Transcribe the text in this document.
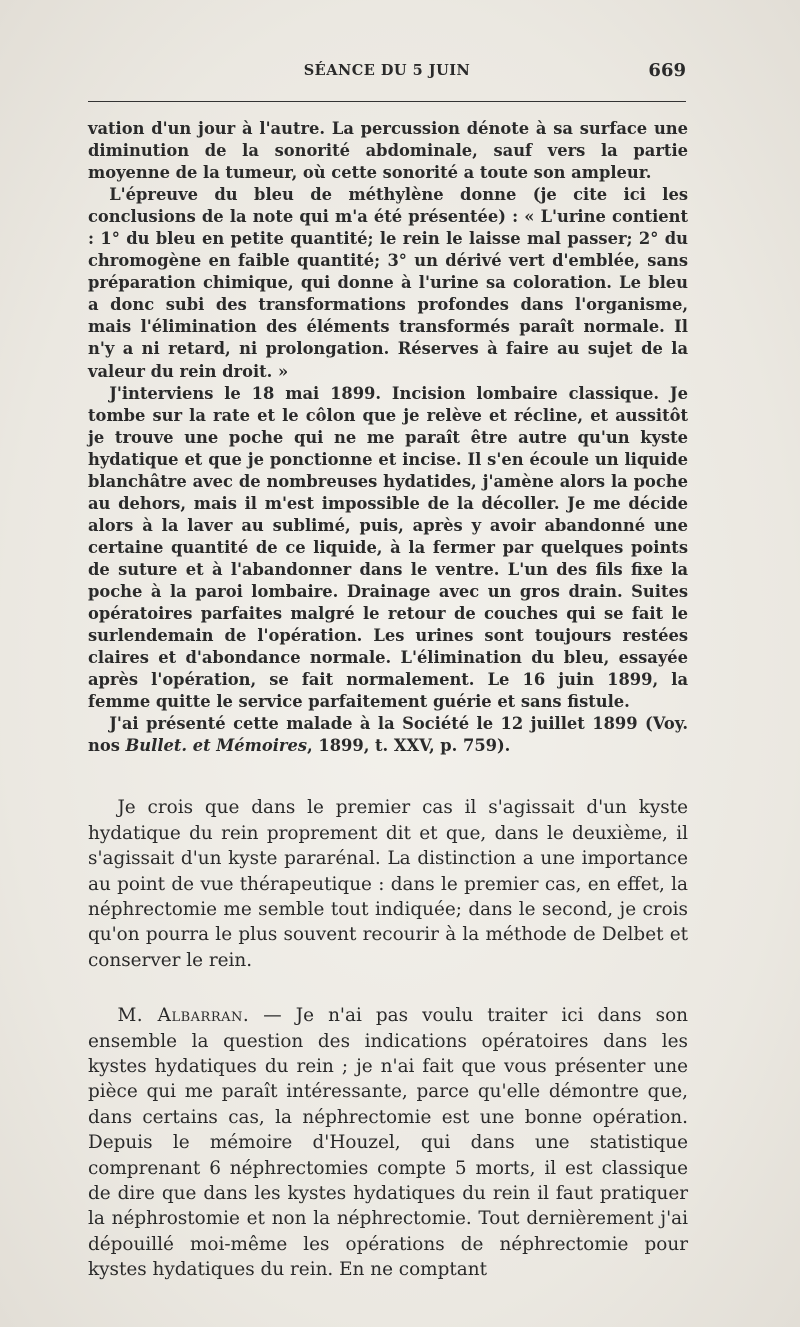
SÉANCE DU 5 JUIN	669

vation d'un jour à l'autre. La percussion dénote à sa surface une diminution de la sonorité abdominale, sauf vers la partie moyenne de la tumeur, où cette sonorité a toute son ampleur.

L'épreuve du bleu de méthylène donne (je cite ici les conclusions de la note qui m'a été présentée) : « L'urine contient : 1° du bleu en petite quantité; le rein le laisse mal passer; 2° du chromogène en faible quantité; 3° un dérivé vert d'emblée, sans préparation chimique, qui donne à l'urine sa coloration. Le bleu a donc subi des transformations profondes dans l'organisme, mais l'élimination des éléments transformés paraît normale. Il n'y a ni retard, ni prolongation. Réserves à faire au sujet de la valeur du rein droit. »

J'interviens le 18 mai 1899. Incision lombaire classique. Je tombe sur la rate et le côlon que je relève et récline, et aussitôt je trouve une poche qui ne me paraît être autre qu'un kyste hydatique et que je ponctionne et incise. Il s'en écoule un liquide blanchâtre avec de nombreuses hydatides, j'amène alors la poche au dehors, mais il m'est impossible de la décoller. Je me décide alors à la laver au sublimé, puis, après y avoir abandonné une certaine quantité de ce liquide, à la fermer par quelques points de suture et à l'abandonner dans le ventre. L'un des fils fixe la poche à la paroi lombaire. Drainage avec un gros drain. Suites opératoires parfaites malgré le retour de couches qui se fait le surlendemain de l'opération. Les urines sont toujours restées claires et d'abondance normale. L'élimination du bleu, essayée après l'opération, se fait normalement. Le 16 juin 1899, la femme quitte le service parfaitement guérie et sans fistule.

J'ai présenté cette malade à la Société le 12 juillet 1899 (Voy. nos Bullet. et Mémoires, 1899, t. XXV, p. 759).

Je crois que dans le premier cas il s'agissait d'un kyste hydatique du rein proprement dit et que, dans le deuxième, il s'agissait d'un kyste pararénal. La distinction a une importance au point de vue thérapeutique : dans le premier cas, en effet, la néphrectomie me semble tout indiquée; dans le second, je crois qu'on pourra le plus souvent recourir à la méthode de Delbet et conserver le rein.

M. Albarran. — Je n'ai pas voulu traiter ici dans son ensemble la question des indications opératoires dans les kystes hydatiques du rein ; je n'ai fait que vous présenter une pièce qui me paraît intéressante, parce qu'elle démontre que, dans certains cas, la néphrectomie est une bonne opération. Depuis le mémoire d'Houzel, qui dans une statistique comprenant 6 néphrectomies compte 5 morts, il est classique de dire que dans les kystes hydatiques du rein il faut pratiquer la néphrostomie et non la néphrectomie. Tout dernièrement j'ai dépouillé moi-même les opérations de néphrectomie pour kystes hydatiques du rein. En ne comptant
